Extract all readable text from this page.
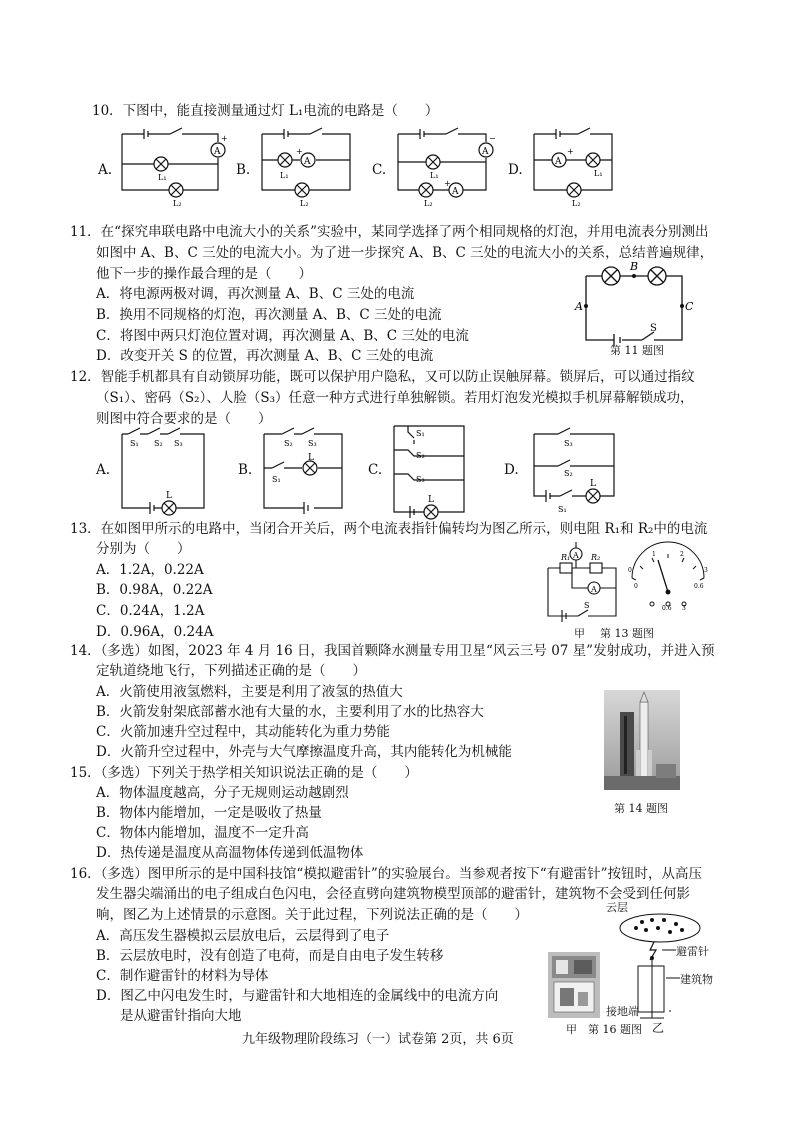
10．下图中，能直接测量通过灯 L₁电流的电路是（　　）
A.
A
+
L₁
L₂
B.	A
+
L₁
L₂
C.
A
−
A
+
L₁
L₂
D.	A
+
L₁
L₂
11．在“探究串联电路中电流大小的关系”实验中，某同学选择了两个相同规格的灯泡，并用电流表分别测出
如图中 A、B、C 三处的电流大小。为了进一步探究 A、B、C 三处的电流大小的关系，总结普遍规律，
他下一步的操作最合理的是（　　）
A．将电源两极对调，再次测量 A、B、C 三处的电流
B．换用不同规格的灯泡，再次测量 A、B、C 三处的电流
C．将图中两只灯泡位置对调，再次测量 A、B、C 三处的电流
D．改变开关 S 的位置，再次测量 A、B、C 三处的电流
B
A	C
S
第 11 题图
12．智能手机都具有自动锁屏功能，既可以保护用户隐私，又可以防止误触屏幕。锁屏后，可以通过指纹
（S₁）、密码（S₂）、人脸（S₃）任意一种方式进行单独解锁。若用灯泡发光模拟手机屏幕解锁成功，
则图中符合要求的是（　　）
A.
S₁ S₂ S₃
L
B.
S₂ S₃
S₁
L
C.
S₁
S₂
S₃
L
D.
S₃
S₂
S₁
L
13．在如图甲所示的电路中，当闭合开关后，两个电流表指针偏转均为图乙所示，则电阻 R₁和 R₂中的电流
分别为（　　）
A．1.2A，0.22A
B．0.98A，0.22A
C．0.24A，1.2A
D．0.96A，0.24A
A
A
R₁	R₂
S
甲
0
1	2
3
0	0.6
0.6 3
第 13 题图
14．（多选）如图，2023 年 4 月 16 日，我国首颗降水测量专用卫星“风云三号 07 星”发射成功，并进入预
定轨道绕地飞行，下列描述正确的是（　　）
A．火箭使用液氢燃料，主要是利用了液氢的热值大
B．火箭发射架底部蓄水池有大量的水，主要利用了水的比热容大
C．火箭加速升空过程中，其动能转化为重力势能
D．火箭升空过程中，外壳与大气摩擦温度升高，其内能转化为机械能
第 14 题图
15．（多选）下列关于热学相关知识说法正确的是（　　）
A．物体温度越高，分子无规则运动越剧烈
B．物体内能增加，一定是吸收了热量
C．物体内能增加，温度不一定升高
D．热传递是温度从高温物体传递到低温物体
16．（多选）图甲所示的是中国科技馆“模拟避雷针”的实验展台。当参观者按下“有避雷针”按钮时，从高压
发生器尖端涌出的电子组成白色闪电，会径直劈向建筑物模型顶部的避雷针，建筑物不会受到任何影
响，图乙为上述情景的示意图。关于此过程，下列说法正确的是（　　）
A．高压发生器模拟云层放电后，云层得到了电子
B．云层放电时，没有创造了电荷，而是自由电子发生转移
C．制作避雷针的材料为导体
D．图乙中闪电发生时，与避雷针和大地相连的金属线中的电流方向
是从避雷针指向大地
甲
云层
避雷针
建筑物
接地端
第 16 题图 乙
九年级物理阶段练习（一）试卷第 2页，共 6页
